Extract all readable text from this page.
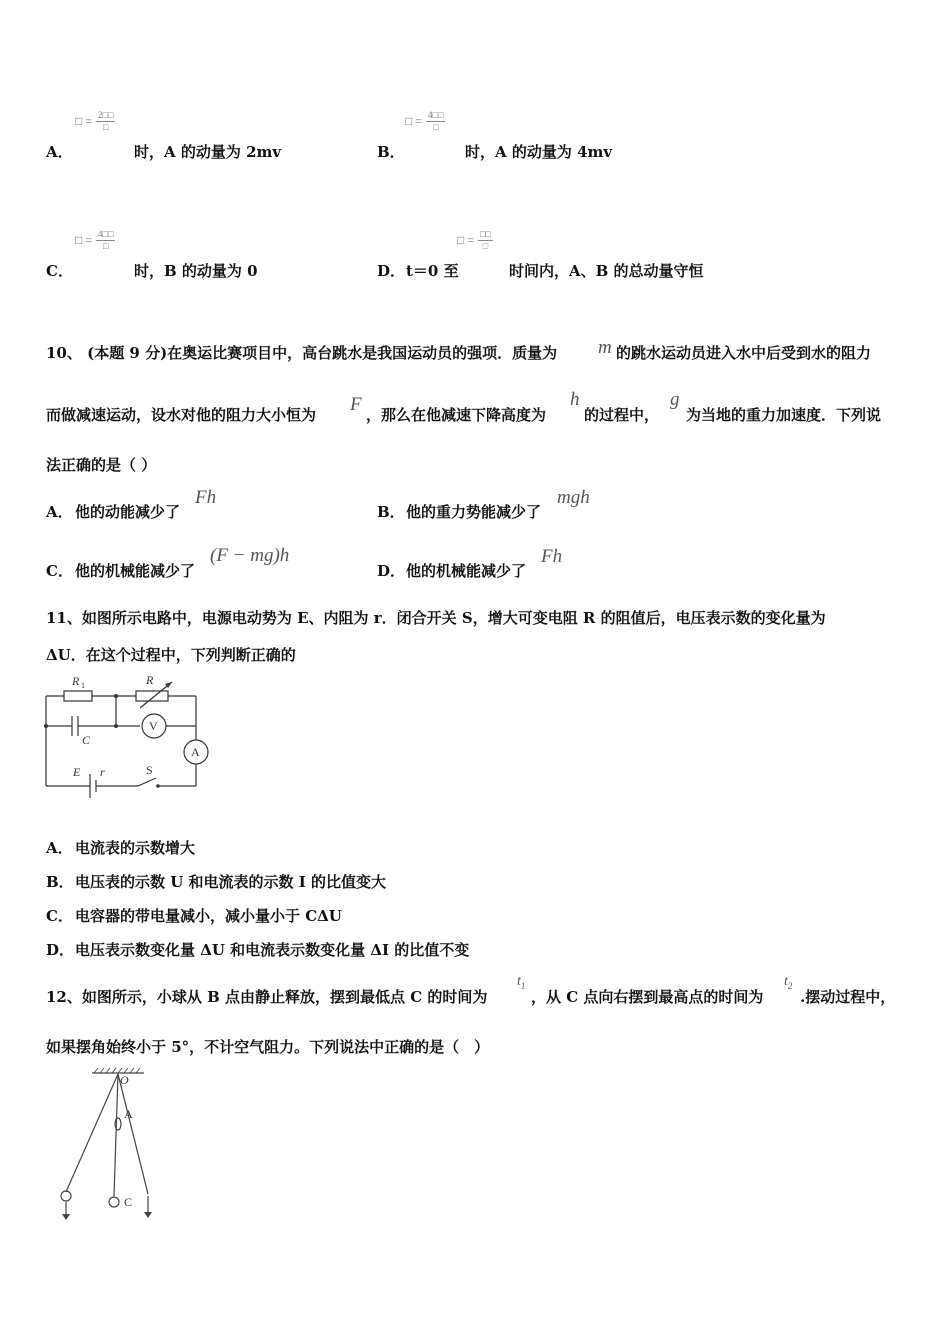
□ = 2□□
□
A．	时，A 的动量为 2mv
□ = 4□□
□
B．	时，A 的动量为 4mv
□ = 4□□
□
C．	时，B 的动量为 0
□ = □□
□
D． t＝0 至	时间内，A、B 的总动量守恒
10、 (本题 9 分)在奥运比赛项目中，高台跳水是我国运动员的强项．质量为 m 的跳水运动员进入水中后受到水的阻力
而做减速运动，设水对他的阻力大小恒为 F ，那么在他减速下降高度为
h
的过程中，
g
为当地的重力加速度．下列说
法正确的是（ ）
A． 他的动能减少了
Fh
B． 他的重力势能减少了
mgh
C． 他的机械能减少了
(F − mg)h
D． 他的机械能减少了
Fh
11、如图所示电路中，电源电动势为 E、内阻为 r．闭合开关 S，增大可变电阻 R 的阻值后，电压表示数的变化量为
ΔU．在这个过程中，下列判断正确的
R 1	R
C
V
A
E r	S
A． 电流表的示数增大
B． 电压表的示数 U 和电流表的示数 I 的比值变大
C． 电容器的带电量减小，减小量小于 CΔU
D． 电压表示数变化量 ΔU 和电流表示数变化量 ΔI 的比值不变
12、如图所示，小球从 B 点由静止释放，摆到最低点 C 的时间为
$t_1$
，从 C 点向右摆到最高点的时间为
$t_2$
.摆动过程中，
如果摆角始终小于 5°，不计空气阻力。下列说法中正确的是（　）
O
A
C
